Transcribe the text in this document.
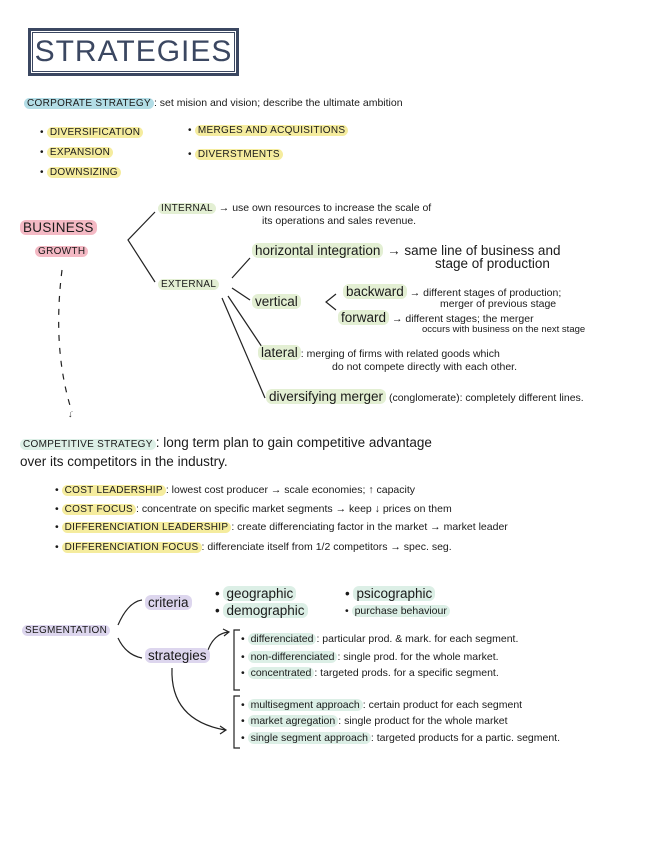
STRATEGIES
CORPORATE STRATEGY : set mision and vision; describe the ultimate ambition
• DIVERSIFICATION
• EXPANSION
• DOWNSIZING
• MERGES AND ACQUISITIONS
• DIVERSTMENTS
BUSINESS
GROWTH
INTERNAL → use own resources to increase the scale of
its operations and sales revenue.
EXTERNAL
horizontal integration → same line of business and
stage of production
vertical
backward → different stages of production;
merger of previous stage
forward → different stages; the merger
occurs with business on the next stage
lateral : merging of firms with related goods which
do not compete directly with each other.
diversifying merger (conglomerate): completely different lines.
↓
COMPETITIVE STRATEGY : long term plan to gain competitive advantage
over its competitors in the industry.
• COST LEADERSHIP : lowest cost producer → scale economies; ↑ capacity
• COST FOCUS : concentrate on specific market segments → keep ↓ prices on them
• DIFFERENCIATION LEADERSHIP : create differenciating factor in the market → market leader
• DIFFERENCIATION FOCUS : differenciate itself from 1/2 competitors → spec. seg.
SEGMENTATION
criteria
strategies
• geographic
• demographic
• psicographic
• purchase behaviour
• differenciated : particular prod. & mark. for each segment.
• non-differenciated : single prod. for the whole market.
• concentrated : targeted prods. for a specific segment.
• multisegment approach : certain product for each segment
• market agregation : single product for the whole market
• single segment approach : targeted products for a partic. segment.
